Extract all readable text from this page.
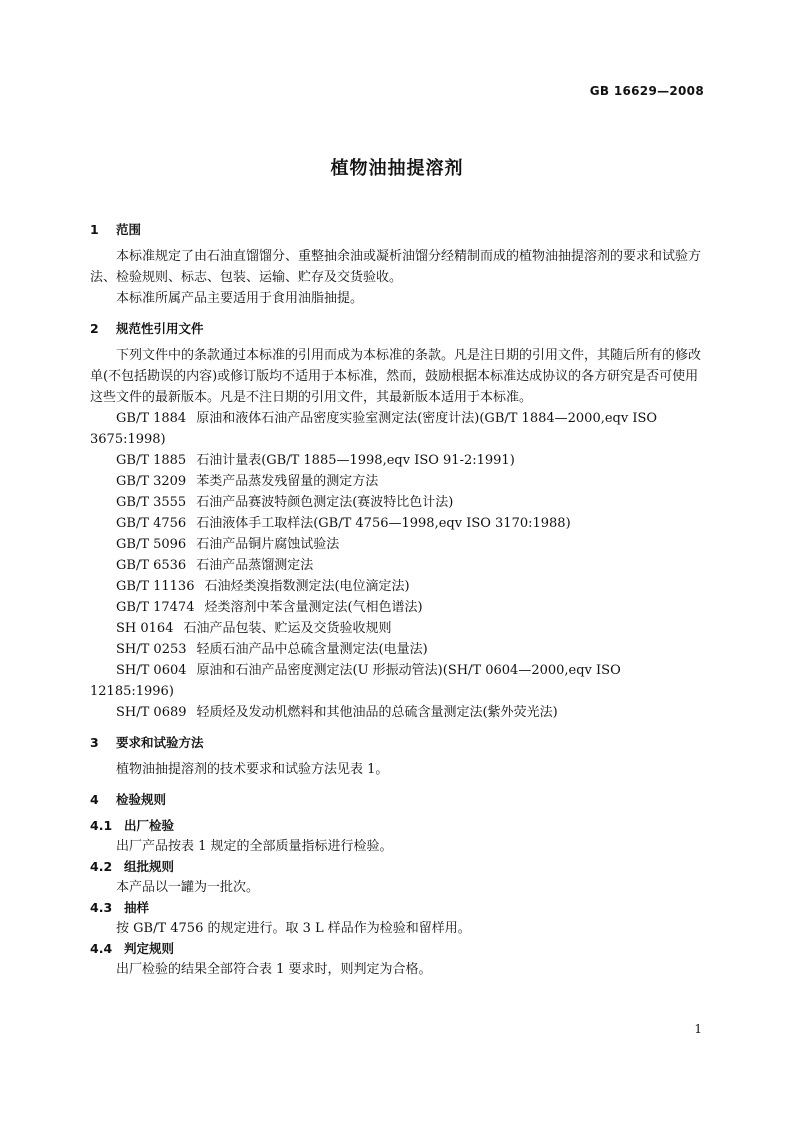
GB 16629—2008
植物油抽提溶剂
1 范围

本标准规定了由石油直馏馏分、重整抽余油或凝析油馏分经精制而成的植物油抽提溶剂的要求和试验方法、检验规则、标志、包装、运输、贮存及交货验收。

本标准所属产品主要适用于食用油脂抽提。

2 规范性引用文件

下列文件中的条款通过本标准的引用而成为本标准的条款。凡是注日期的引用文件，其随后所有的修改单(不包括勘误的内容)或修订版均不适用于本标准，然而，鼓励根据本标准达成协议的各方研究是否可使用这些文件的最新版本。凡是不注日期的引用文件，其最新版本适用于本标准。

GB/T 1884 原油和液体石油产品密度实验室测定法(密度计法)(GB/T 1884—2000,eqv ISO 3675:1998)
GB/T 1885 石油计量表(GB/T 1885—1998,eqv ISO 91-2:1991)
GB/T 3209 苯类产品蒸发残留量的测定方法
GB/T 3555 石油产品赛波特颜色测定法(赛波特比色计法)
GB/T 4756 石油液体手工取样法(GB/T 4756—1998,eqv ISO 3170:1988)
GB/T 5096 石油产品铜片腐蚀试验法
GB/T 6536 石油产品蒸馏测定法
GB/T 11136 石油烃类溴指数测定法(电位滴定法)
GB/T 17474 烃类溶剂中苯含量测定法(气相色谱法)
SH 0164 石油产品包装、贮运及交货验收规则
SH/T 0253 轻质石油产品中总硫含量测定法(电量法)
SH/T 0604 原油和石油产品密度测定法(U 形振动管法)(SH/T 0604—2000,eqv ISO 12185:1996)
SH/T 0689 轻质烃及发动机燃料和其他油品的总硫含量测定法(紫外荧光法)
3 要求和试验方法

植物油抽提溶剂的技术要求和试验方法见表 1。

4 检验规则
4.1 出厂检验

出厂产品按表 1 规定的全部质量指标进行检验。

4.2 组批规则

本产品以一罐为一批次。

4.3 抽样

按 GB/T 4756 的规定进行。取 3 L 样品作为检验和留样用。

4.4 判定规则

出厂检验的结果全部符合表 1 要求时，则判定为合格。

1
